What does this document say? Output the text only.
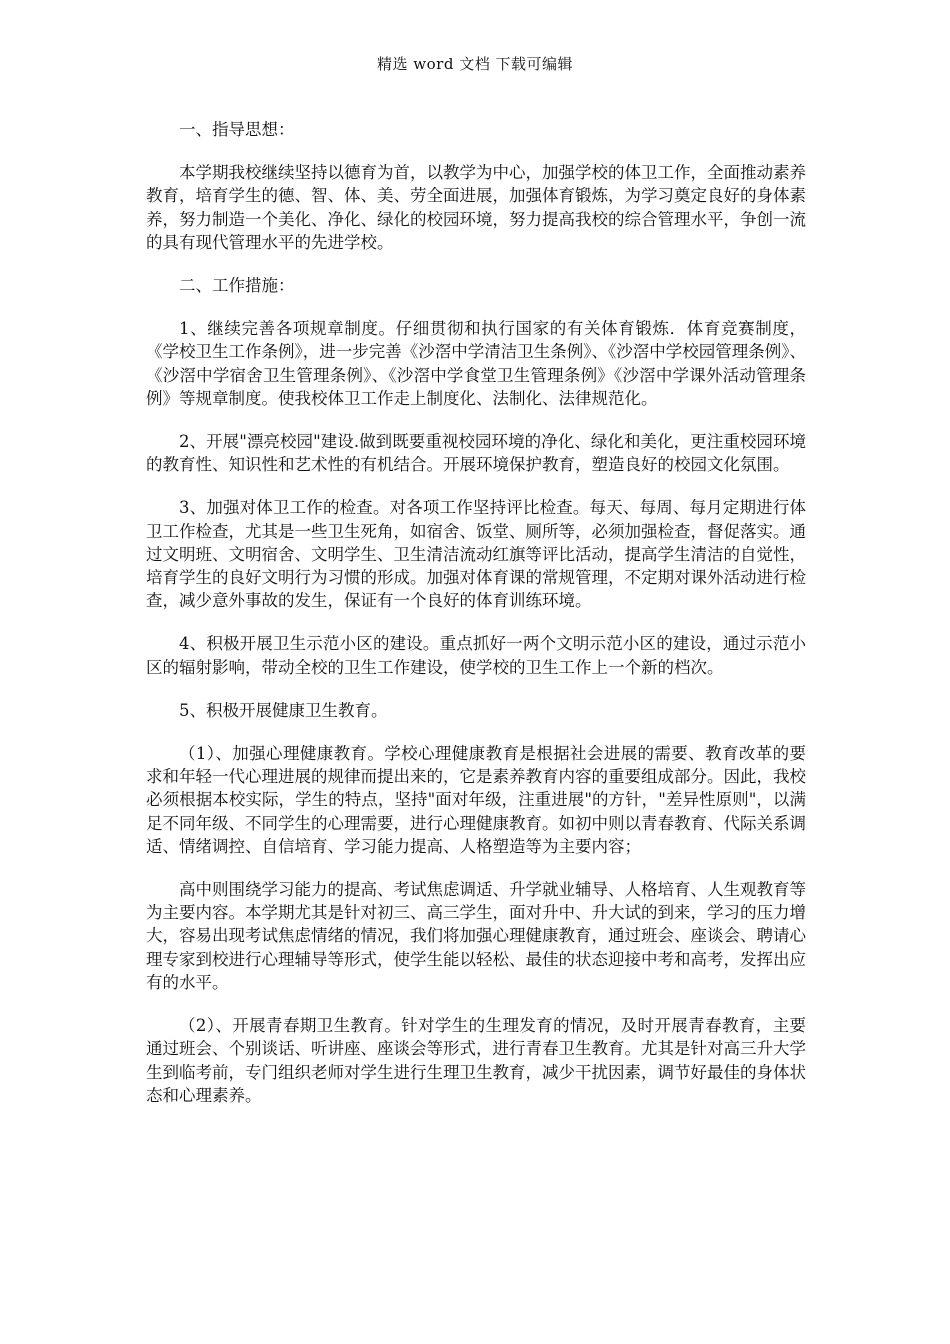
精选 word 文档 下载可编辑

一、指导思想：

本学期我校继续坚持以德育为首，以教学为中心，加强学校的体卫工作，全面推动素养教育，培育学生的德、智、体、美、劳全面进展，加强体育锻炼，为学习奠定良好的身体素养，努力制造一个美化、净化、绿化的校园环境，努力提高我校的综合管理水平，争创一流的具有现代管理水平的先进学校。

二、工作措施：

1、继续完善各项规章制度。仔细贯彻和执行国家的有关体育锻炼．体育竞赛制度，《学校卫生工作条例》，进一步完善《沙滘中学清洁卫生条例》、《沙滘中学校园管理条例》、《沙滘中学宿舍卫生管理条例》、《沙滘中学食堂卫生管理条例》《沙滘中学课外活动管理条例》等规章制度。使我校体卫工作走上制度化、法制化、法律规范化。

2、开展"漂亮校园"建设.做到既要重视校园环境的净化、绿化和美化，更注重校园环境的教育性、知识性和艺术性的有机结合。开展环境保护教育，塑造良好的校园文化氛围。

3、加强对体卫工作的检查。对各项工作坚持评比检查。每天、每周、每月定期进行体卫工作检查，尤其是一些卫生死角，如宿舍、饭堂、厕所等，必须加强检查，督促落实。通过文明班、文明宿舍、文明学生、卫生清洁流动红旗等评比活动，提高学生清洁的自觉性，培育学生的良好文明行为习惯的形成。加强对体育课的常规管理，不定期对课外活动进行检查，减少意外事故的发生，保证有一个良好的体育训练环境。

4、积极开展卫生示范小区的建设。重点抓好一两个文明示范小区的建设，通过示范小区的辐射影响，带动全校的卫生工作建设，使学校的卫生工作上一个新的档次。

5、积极开展健康卫生教育。

（1）、加强心理健康教育。学校心理健康教育是根据社会进展的需要、教育改革的要求和年轻一代心理进展的规律而提出来的，它是素养教育内容的重要组成部分。因此，我校必须根据本校实际，学生的特点，坚持"面对年级，注重进展"的方针，"差异性原则"，以满足不同年级、不同学生的心理需要，进行心理健康教育。如初中则以青春教育、代际关系调适、情绪调控、自信培育、学习能力提高、人格塑造等为主要内容；

高中则围绕学习能力的提高、考试焦虑调适、升学就业辅导、人格培育、人生观教育等为主要内容。本学期尤其是针对初三、高三学生，面对升中、升大试的到来，学习的压力增大，容易出现考试焦虑情绪的情况，我们将加强心理健康教育，通过班会、座谈会、聘请心理专家到校进行心理辅导等形式，使学生能以轻松、最佳的状态迎接中考和高考，发挥出应有的水平。

（2）、开展青春期卫生教育。针对学生的生理发育的情况，及时开展青春教育，主要通过班会、个别谈话、听讲座、座谈会等形式，进行青春卫生教育。尤其是针对高三升大学生到临考前，专门组织老师对学生进行生理卫生教育，减少干扰因素，调节好最佳的身体状态和心理素养。
